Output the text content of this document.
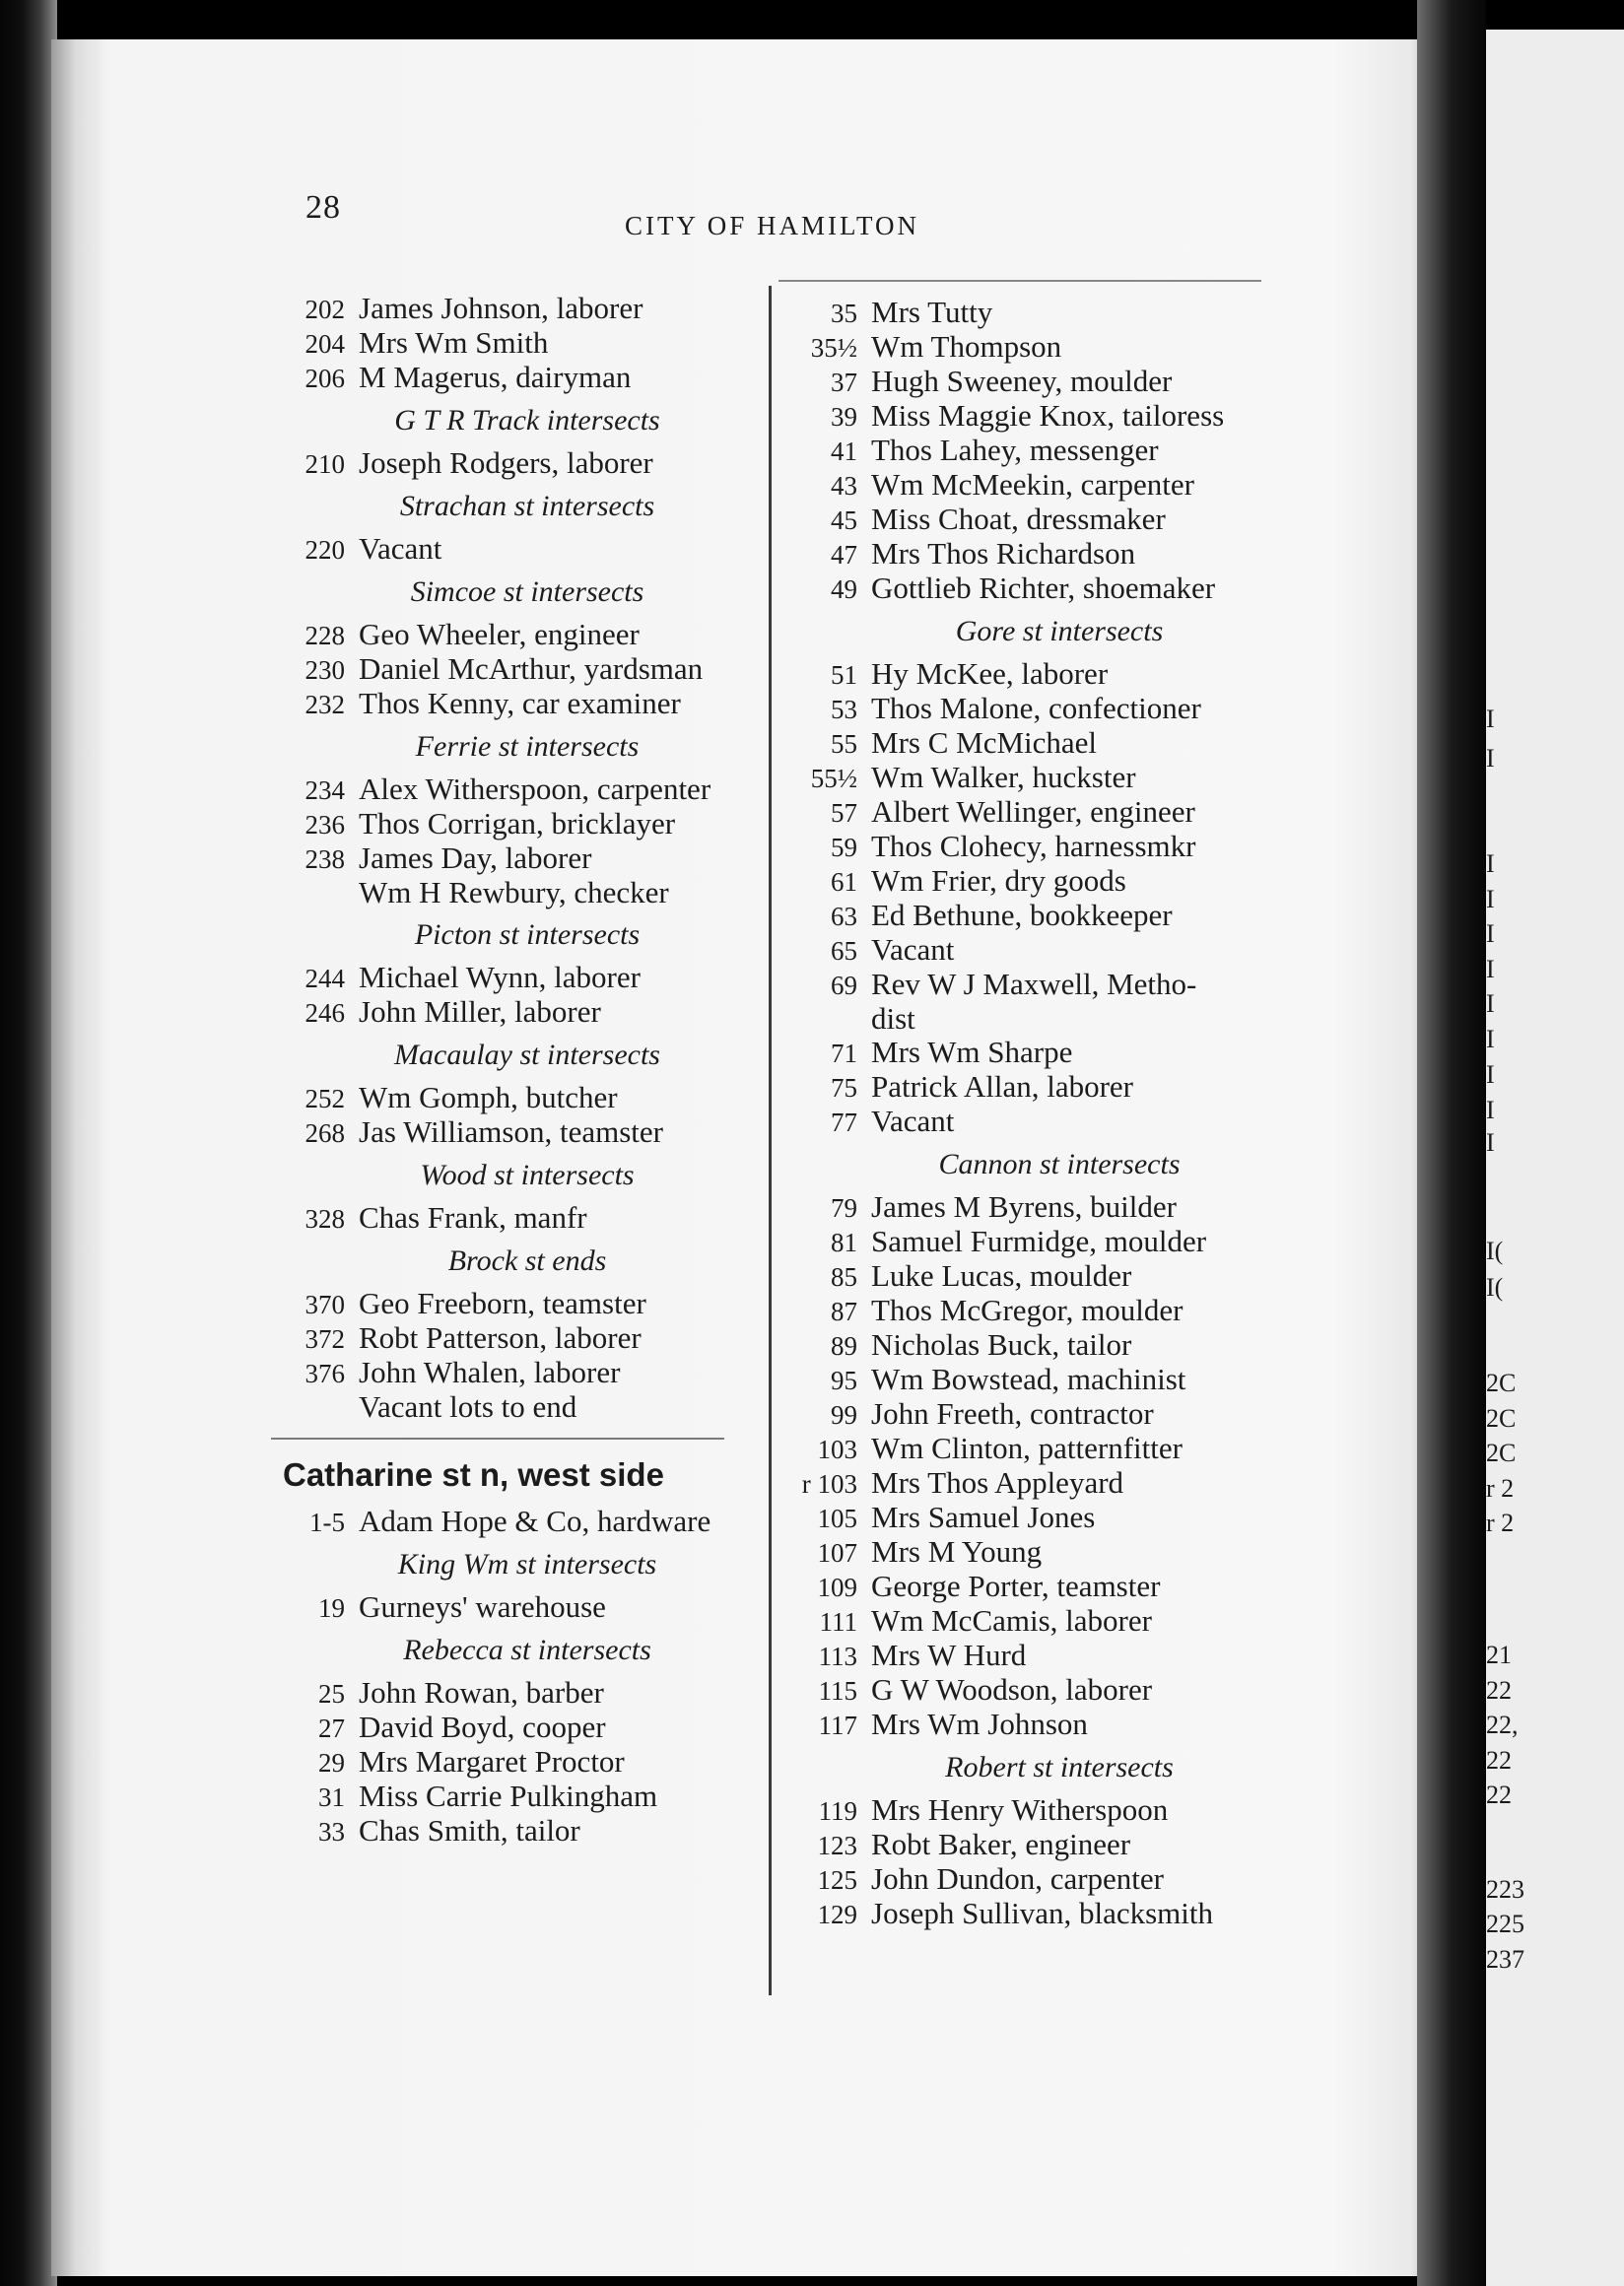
I
I
I
I
I
I
I
I
I
I
I
I(
I(
2C
2C
2C
r 2
r 2
21
22
22,
22
22
223
225
237
28	CITY OF HAMILTON
202 James Johnson, laborer
204 Mrs Wm Smith
206 M Magerus, dairyman
G T R Track intersects
210 Joseph Rodgers, laborer
Strachan st intersects
220 Vacant
Simcoe st intersects
228 Geo Wheeler, engineer
230 Daniel McArthur, yardsman
232 Thos Kenny, car examiner
Ferrie st intersects
234 Alex Witherspoon, carpenter
236 Thos Corrigan, bricklayer
238 James Day, laborer
Wm H Rewbury, checker
Picton st intersects
244 Michael Wynn, laborer
246 John Miller, laborer
Macaulay st intersects
252 Wm Gomph, butcher
268 Jas Williamson, teamster
Wood st intersects
328 Chas Frank, manfr
Brock st ends
370 Geo Freeborn, teamster
372 Robt Patterson, laborer
376 John Whalen, laborer
Vacant lots to end
Catharine st n, west side
1-5 Adam Hope & Co, hardware
King Wm st intersects
19 Gurneys' warehouse
Rebecca st intersects
25 John Rowan, barber
27 David Boyd, cooper
29 Mrs Margaret Proctor
31 Miss Carrie Pulkingham
33 Chas Smith, tailor
35 Mrs Tutty
35½ Wm Thompson
37 Hugh Sweeney, moulder
39 Miss Maggie Knox, tailoress
41 Thos Lahey, messenger
43 Wm McMeekin, carpenter
45 Miss Choat, dressmaker
47 Mrs Thos Richardson
49 Gottlieb Richter, shoemaker
Gore st intersects
51 Hy McKee, laborer
53 Thos Malone, confectioner
55 Mrs C McMichael
55½ Wm Walker, huckster
57 Albert Wellinger, engineer
59 Thos Clohecy, harnessmkr
61 Wm Frier, dry goods
63 Ed Bethune, bookkeeper
65 Vacant
69 Rev W J Maxwell, Metho-
dist
71 Mrs Wm Sharpe
75 Patrick Allan, laborer
77 Vacant
Cannon st intersects
79 James M Byrens, builder
81 Samuel Furmidge, moulder
85 Luke Lucas, moulder
87 Thos McGregor, moulder
89 Nicholas Buck, tailor
95 Wm Bowstead, machinist
99 John Freeth, contractor
103 Wm Clinton, patternfitter
r 103 Mrs Thos Appleyard
105 Mrs Samuel Jones
107 Mrs M Young
109 George Porter, teamster
111 Wm McCamis, laborer
113 Mrs W Hurd
115 G W Woodson, laborer
117 Mrs Wm Johnson
Robert st intersects
119 Mrs Henry Witherspoon
123 Robt Baker, engineer
125 John Dundon, carpenter
129 Joseph Sullivan, blacksmith
